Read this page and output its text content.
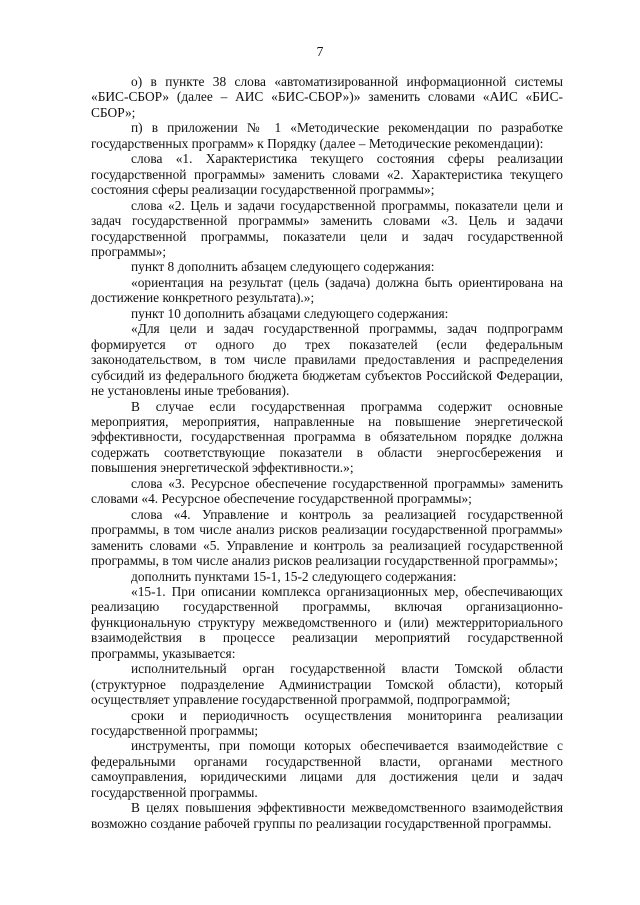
7

о) в пункте 38 слова «автоматизированной информационной системы «БИС-СБОР» (далее – АИС «БИС-СБОР»)» заменить словами «АИС «БИС-СБОР»;

п) в приложении № 1 «Методические рекомендации по разработке государственных программ» к Порядку (далее – Методические рекомендации):

слова «1. Характеристика текущего состояния сферы реализации государственной программы» заменить словами «2. Характеристика текущего состояния сферы реализации государственной программы»;

слова «2. Цель и задачи государственной программы, показатели цели и задач государственной программы» заменить словами «3. Цель и задачи государственной программы, показатели цели и задач государственной программы»;

пункт 8 дополнить абзацем следующего содержания:

«ориентация на результат (цель (задача) должна быть ориентирована на достижение конкретного результата).»;

пункт 10 дополнить абзацами следующего содержания:

«Для цели и задач государственной программы, задач подпрограмм формируется от одного до трех показателей (если федеральным законодательством, в том числе правилами предоставления и распределения субсидий из федерального бюджета бюджетам субъектов Российской Федерации, не установлены иные требования).

В случае если государственная программа содержит основные мероприятия, мероприятия, направленные на повышение энергетической эффективности, государственная программа в обязательном порядке должна содержать соответствующие показатели в области энергосбережения и повышения энергетической эффективности.»;

слова «3. Ресурсное обеспечение государственной программы» заменить словами «4. Ресурсное обеспечение государственной программы»;

слова «4. Управление и контроль за реализацией государственной программы, в том числе анализ рисков реализации государственной программы» заменить словами «5. Управление и контроль за реализацией государственной программы, в том числе анализ рисков реализации государственной программы»;

дополнить пунктами 15-1, 15-2 следующего содержания:

«15-1. При описании комплекса организационных мер, обеспечивающих реализацию государственной программы, включая организационно-функциональную структуру межведомственного и (или) межтерриториального взаимодействия в процессе реализации мероприятий государственной программы, указывается:

исполнительный орган государственной власти Томской области (структурное подразделение Администрации Томской области), который осуществляет управление государственной программой, подпрограммой;

сроки и периодичность осуществления мониторинга реализации государственной программы;

инструменты, при помощи которых обеспечивается взаимодействие с федеральными органами государственной власти, органами местного самоуправления, юридическими лицами для достижения цели и задач государственной программы.

В целях повышения эффективности межведомственного взаимодействия возможно создание рабочей группы по реализации государственной программы.
